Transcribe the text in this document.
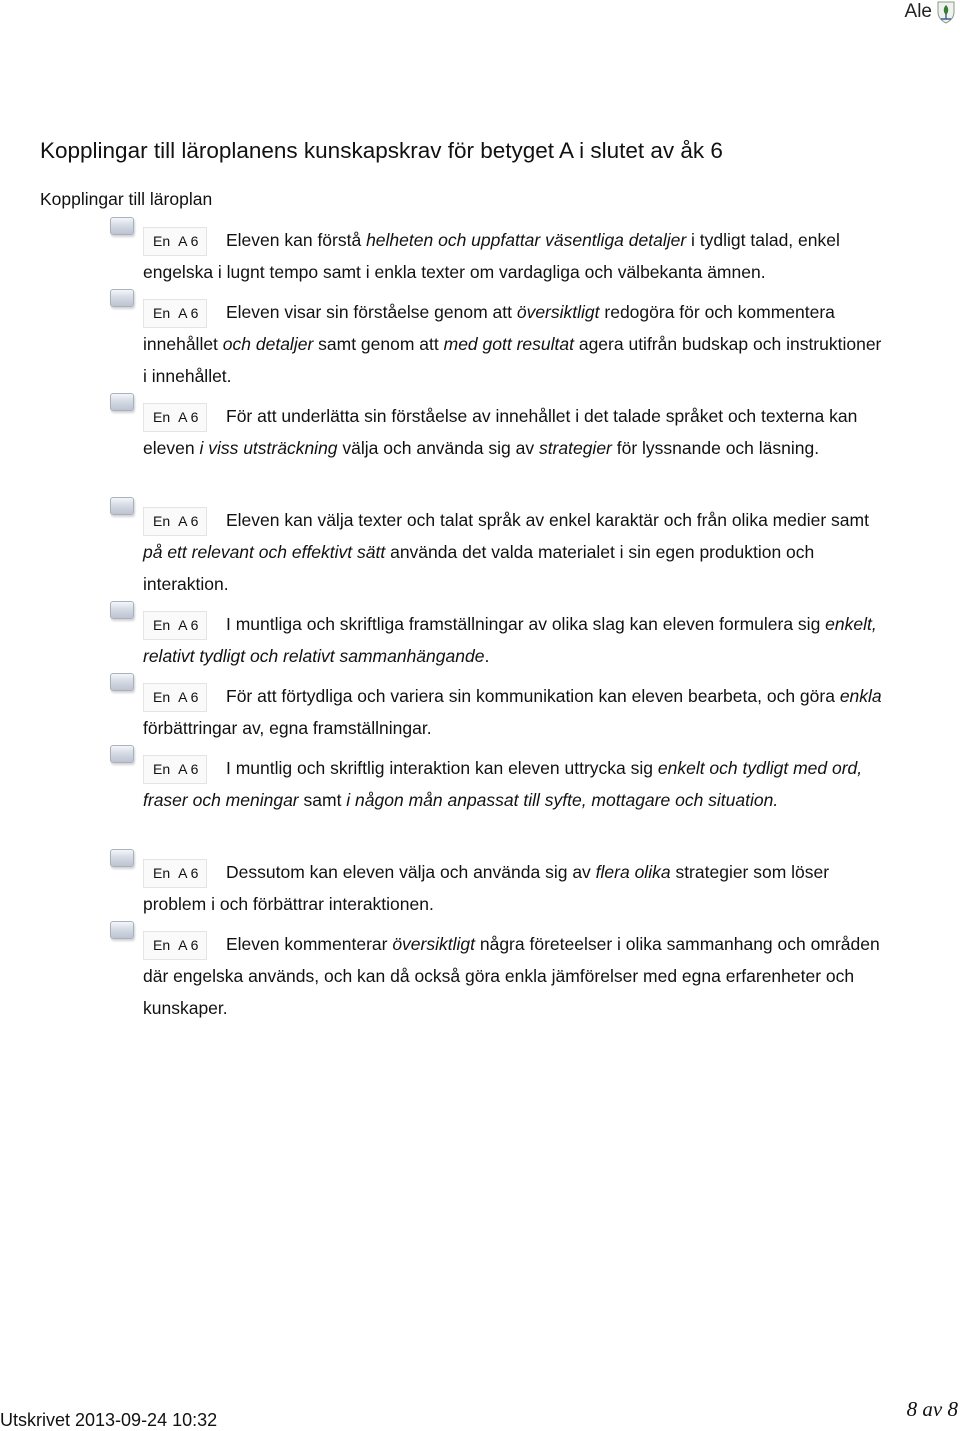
Ale
Kopplingar till läroplanens kunskapskrav för betyget A i slutet av åk 6
Kopplingar till läroplan
En A 6 Eleven kan förstå helheten och uppfattar väsentliga detaljer i tydligt talad, enkel engelska i lugnt tempo samt i enkla texter om vardagliga och välbekanta ämnen.
En A 6 Eleven visar sin förståelse genom att översiktligt redogöra för och kommentera innehållet och detaljer samt genom att med gott resultat agera utifrån budskap och instruktioner i innehållet.
En A 6 För att underlätta sin förståelse av innehållet i det talade språket och texterna kan eleven i viss utsträckning välja och använda sig av strategier för lyssnande och läsning.
En A 6 Eleven kan välja texter och talat språk av enkel karaktär och från olika medier samt på ett relevant och effektivt sätt använda det valda materialet i sin egen produktion och interaktion.
En A 6 I muntliga och skriftliga framställningar av olika slag kan eleven formulera sig enkelt, relativt tydligt och relativt sammanhängande.
En A 6 För att förtydliga och variera sin kommunikation kan eleven bearbeta, och göra enkla förbättringar av, egna framställningar.
En A 6 I muntlig och skriftlig interaktion kan eleven uttrycka sig enkelt och tydligt med ord, fraser och meningar samt i någon mån anpassat till syfte, mottagare och situation.
En A 6 Dessutom kan eleven välja och använda sig av flera olika strategier som löser problem i och förbättrar interaktionen.
En A 6 Eleven kommenterar översiktligt några företeelser i olika sammanhang och områden där engelska används, och kan då också göra enkla jämförelser med egna erfarenheter och kunskaper.
Utskrivet 2013-09-24 10:32	8 av 8
